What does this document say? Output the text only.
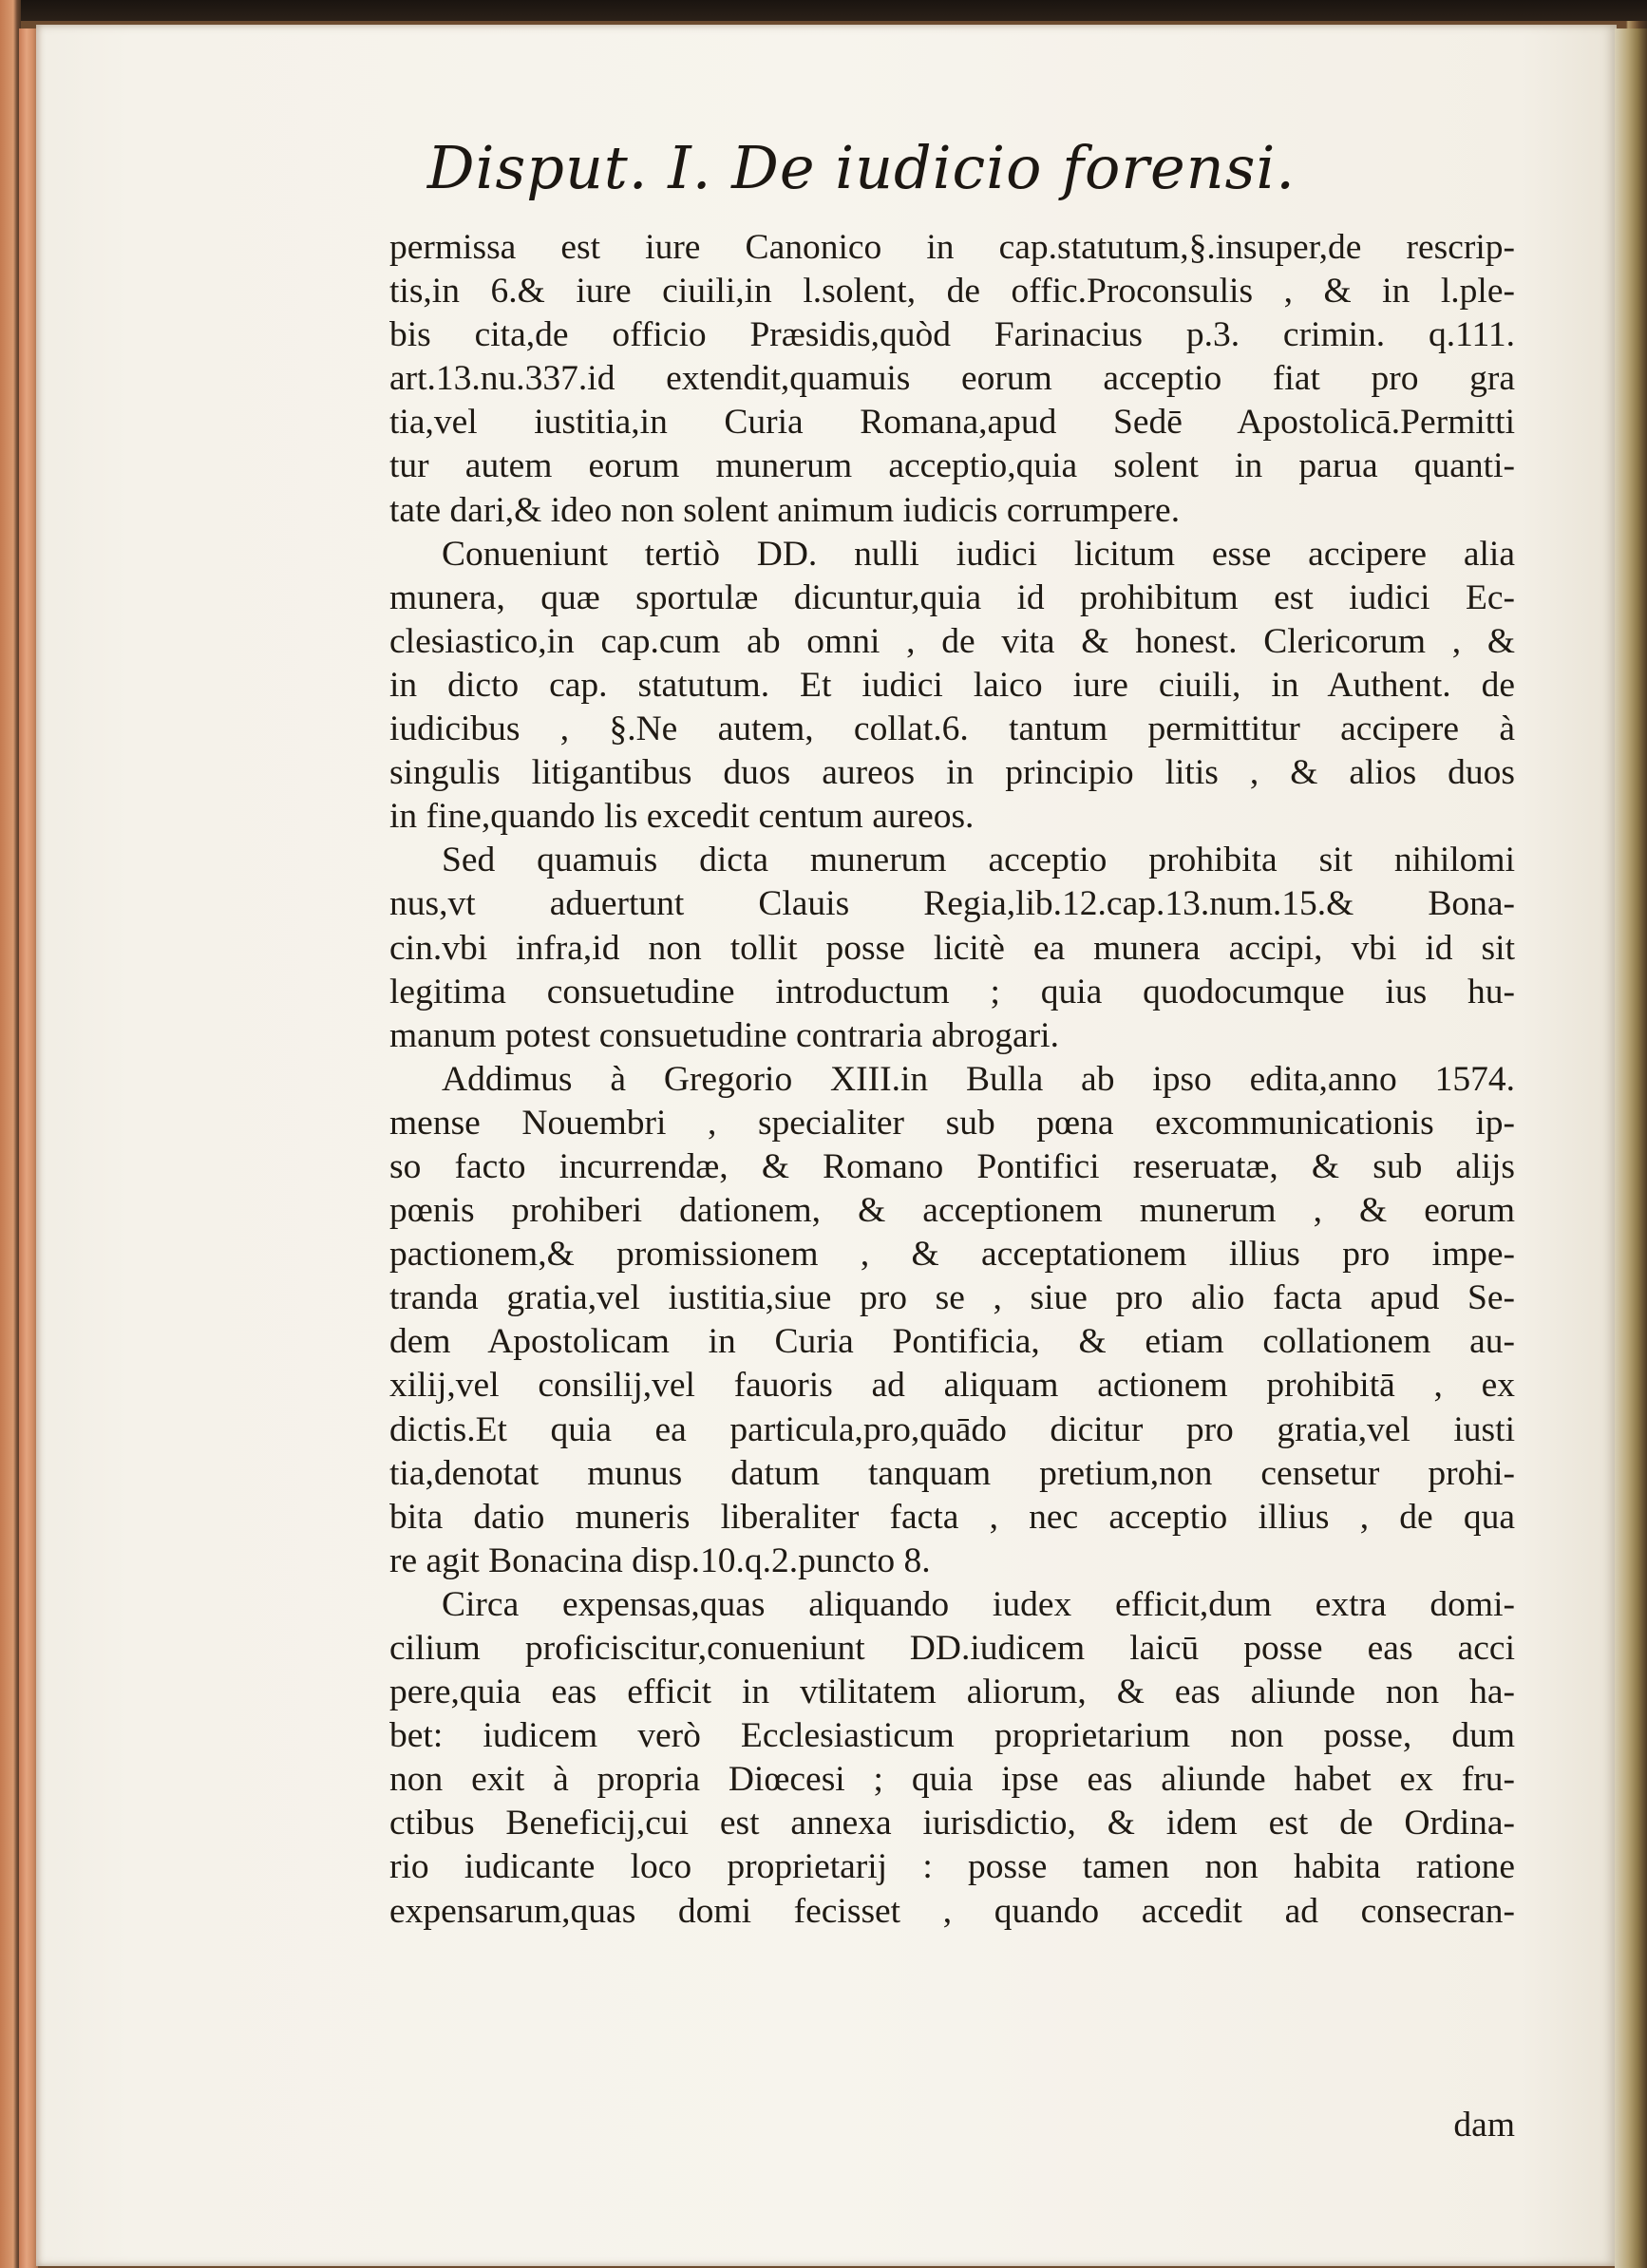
Disput. I. De iudicio forensi.
permissa est iure Canonico in cap.statutum,§.insuper,de rescrip-
tis,in 6.& iure ciuili,in l.solent, de offic.Proconsulis , & in l.ple-
bis cita,de officio Præsidis,quòd Farinacius p.3. crimin. q.111.
art.13.nu.337.id extendit,quamuis eorum acceptio fiat pro gra
tia,vel iustitia,in Curia Romana,apud Sedē Apostolicā.Permitti
tur autem eorum munerum acceptio,quia solent in parua quanti-
tate dari,& ideo non solent animum iudicis corrumpere.
Conueniunt tertiò DD. nulli iudici licitum esse accipere alia
munera, quæ sportulæ dicuntur,quia id prohibitum est iudici Ec-
clesiastico,in cap.cum ab omni , de vita & honest. Clericorum , &
in dicto cap. statutum. Et iudici laico iure ciuili, in Authent. de
iudicibus , §.Ne autem, collat.6. tantum permittitur accipere à
singulis litigantibus duos aureos in principio litis , & alios duos
in fine,quando lis excedit centum aureos.
Sed quamuis dicta munerum acceptio prohibita sit nihilomi
nus,vt aduertunt Clauis Regia,lib.12.cap.13.num.15.& Bona-
cin.vbi infra,id non tollit posse licitè ea munera accipi, vbi id sit
legitima consuetudine introductum ; quia quodocumque ius hu-
manum potest consuetudine contraria abrogari.
Addimus à Gregorio XIII.in Bulla ab ipso edita,anno 1574.
mense Nouembri , specialiter sub pœna excommunicationis ip-
so facto incurrendæ, & Romano Pontifici reseruatæ, & sub alijs
pœnis prohiberi dationem, & acceptionem munerum , & eorum
pactionem,& promissionem , & acceptationem illius pro impe-
tranda gratia,vel iustitia,siue pro se , siue pro alio facta apud Se-
dem Apostolicam in Curia Pontificia, & etiam collationem au-
xilij,vel consilij,vel fauoris ad aliquam actionem prohibitā , ex
dictis.Et quia ea particula,pro,quādo dicitur pro gratia,vel iusti
tia,denotat munus datum tanquam pretium,non censetur prohi-
bita datio muneris liberaliter facta , nec acceptio illius , de qua
re agit Bonacina disp.10.q.2.puncto 8.
Circa expensas,quas aliquando iudex efficit,dum extra domi-
cilium proficiscitur,conueniunt DD.iudicem laicū posse eas acci
pere,quia eas efficit in vtilitatem aliorum, & eas aliunde non ha-
bet: iudicem verò Ecclesiasticum proprietarium non posse, dum
non exit à propria Diœcesi ; quia ipse eas aliunde habet ex fru-
ctibus Beneficij,cui est annexa iurisdictio, & idem est de Ordina-
rio iudicante loco proprietarij : posse tamen non habita ratione
expensarum,quas domi fecisset , quando accedit ad consecran-
dam
